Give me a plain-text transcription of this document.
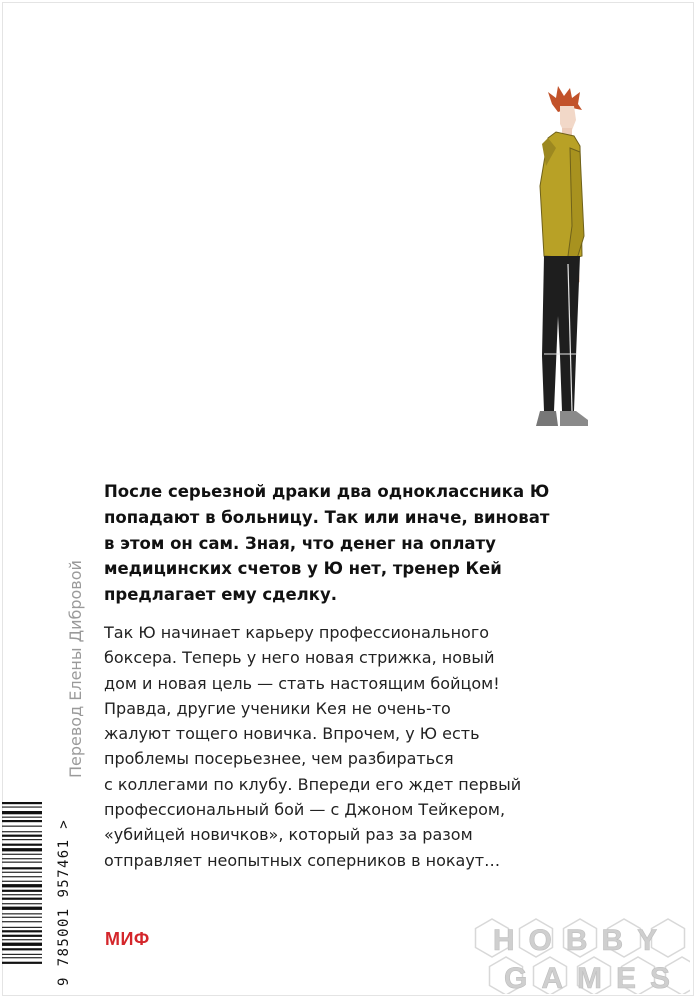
После серьезной драки два одноклассника Ю
попадают в больницу. Так или иначе, виноват
в этом он сам. Зная, что денег на оплату
медицинских счетов у Ю нет, тренер Кей
предлагает ему сделку.

Так Ю начинает карьеру профессионального
боксера. Теперь у него новая стрижка, новый
дом и новая цель — стать настоящим бойцом!
Правда, другие ученики Кея не очень-то
жалуют тощего новичка. Впрочем, у Ю есть
проблемы посерьезнее, чем разбираться
с коллегами по клубу. Впереди его ждет первый
профессиональный бой — с Джоном Тейкером,
«убийцей новичков», который раз за разом
отправляет неопытных соперников в нокаут…

Перевод Елены Дибровой
9 785001 957461 > МИФ	HOBBY
GAMES
